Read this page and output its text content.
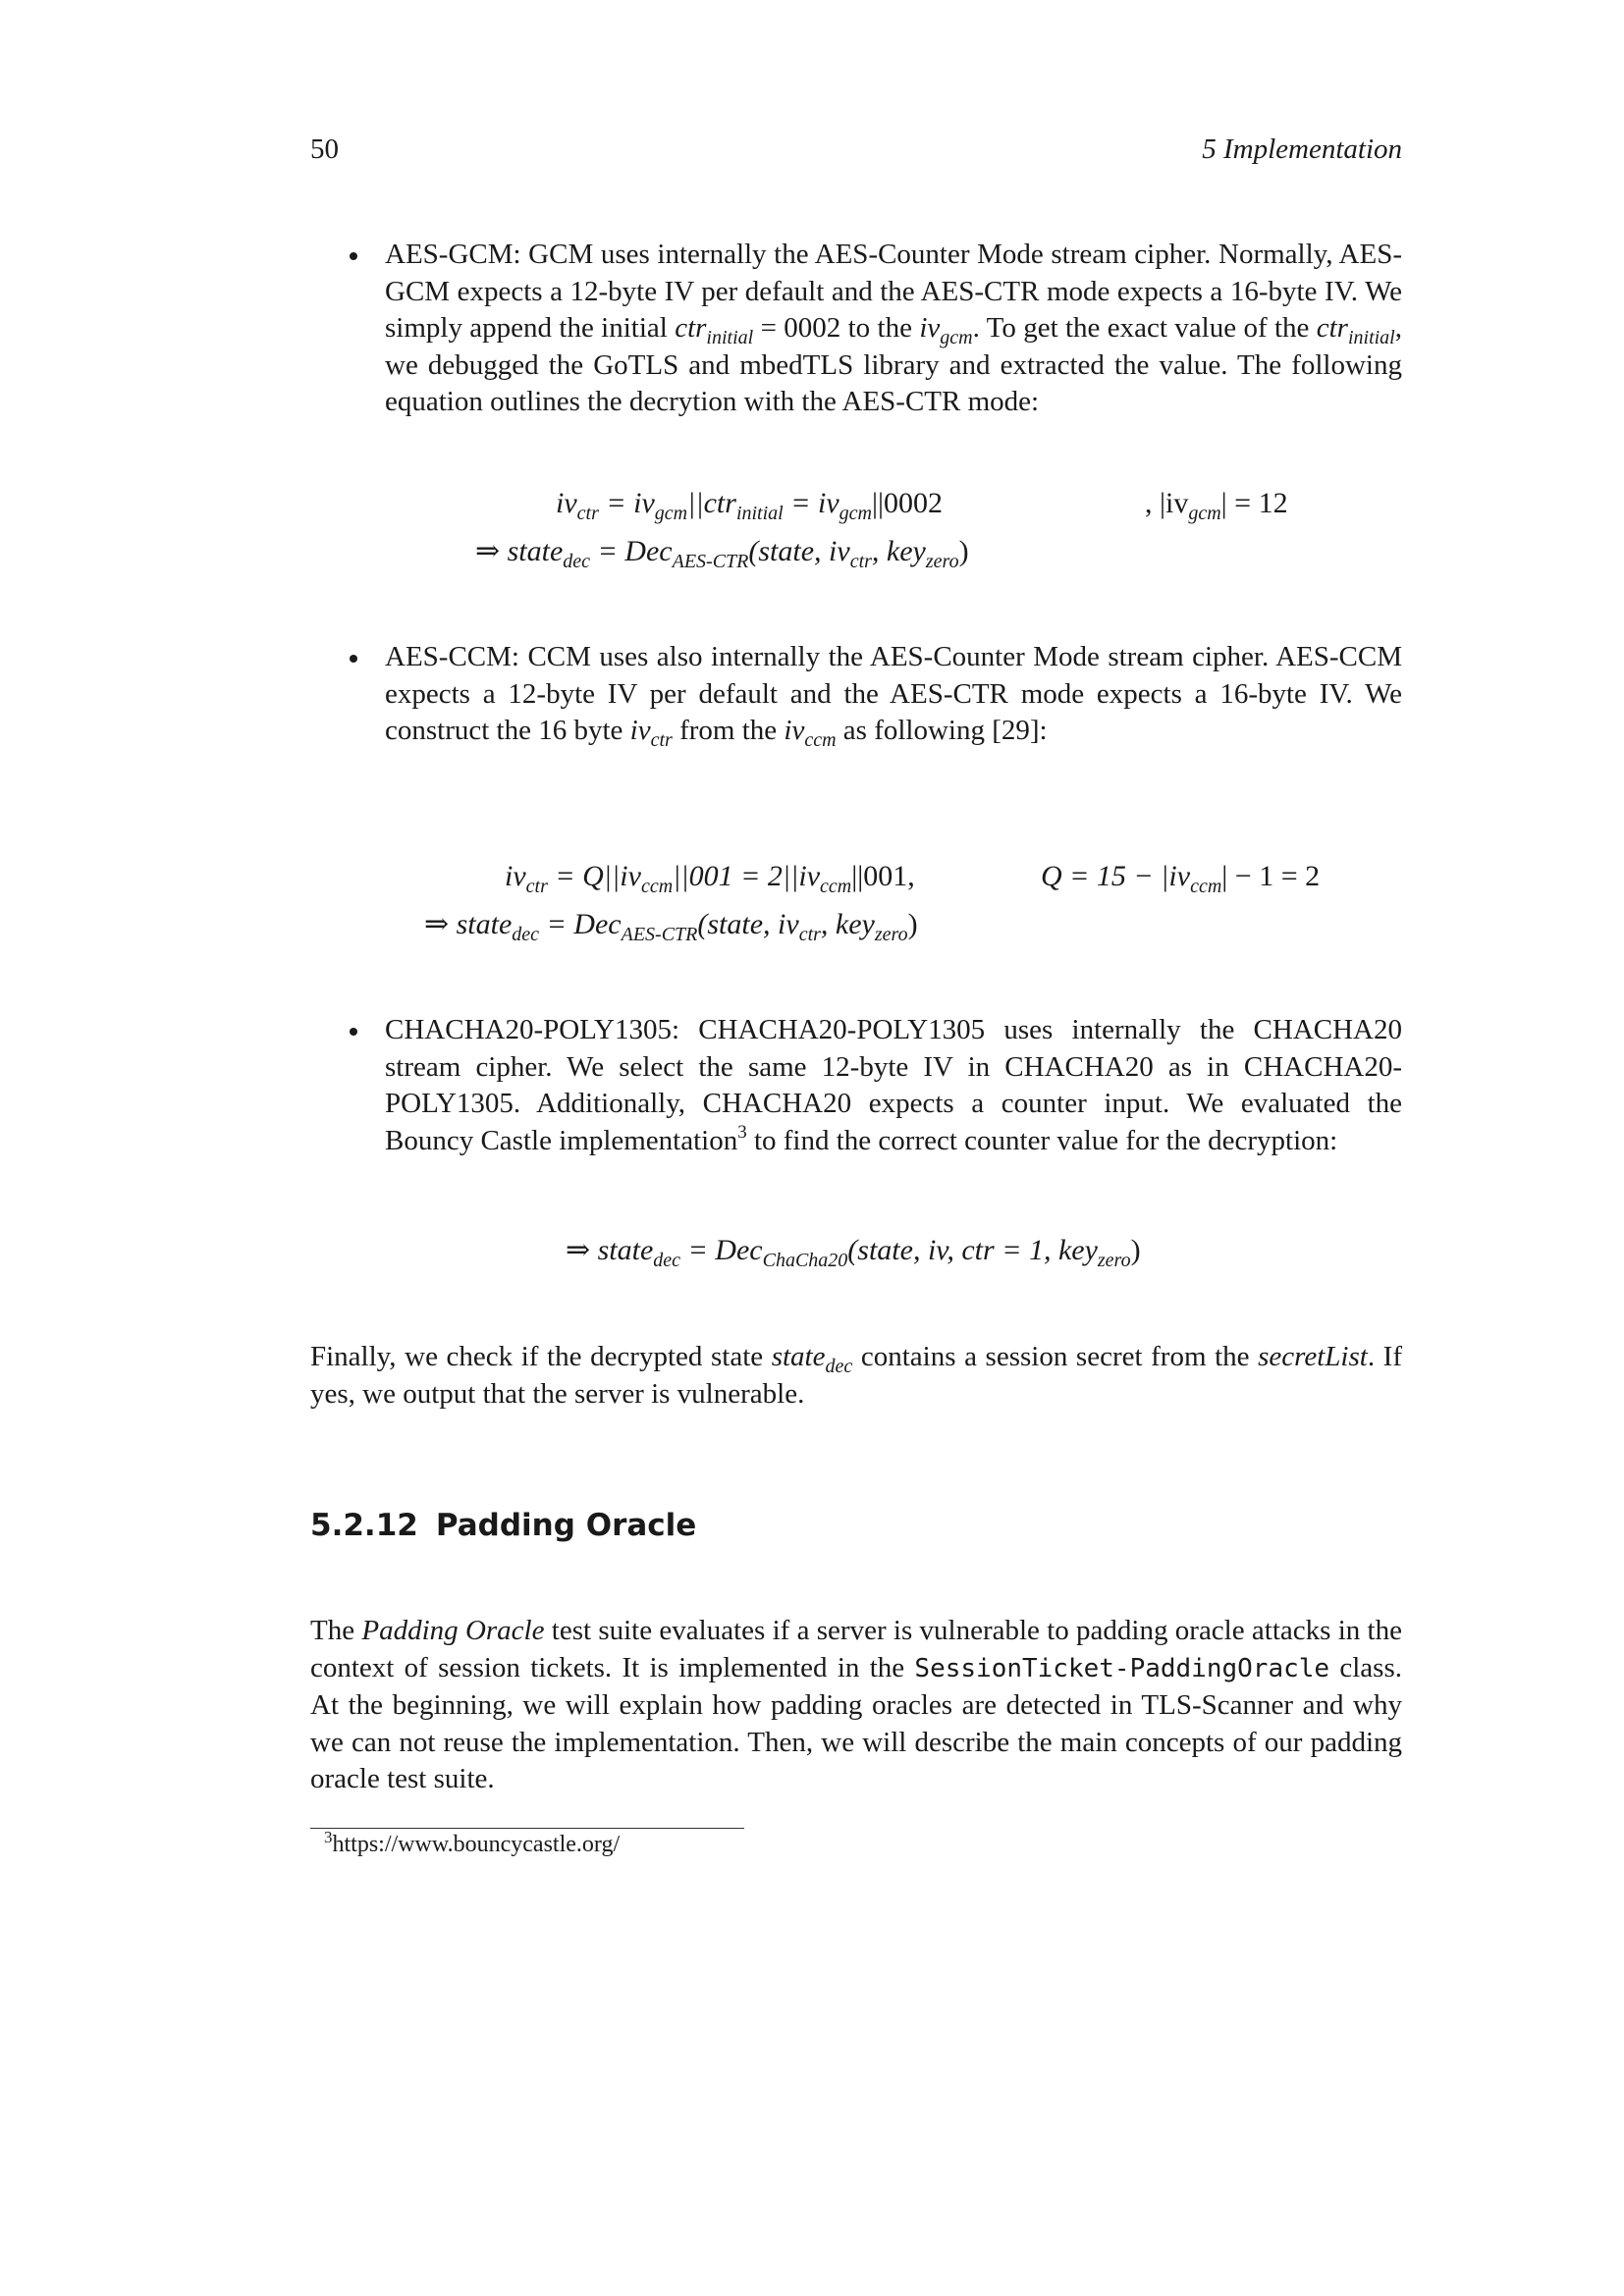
50	5 Implementation
AES-GCM: GCM uses internally the AES-Counter Mode stream cipher. Normally, AES-GCM expects a 12-byte IV per default and the AES-CTR mode expects a 16-byte IV. We simply append the initial ctr$_{initial}$ = 0002 to the $iv_{gcm}$. To get the exact value of the ctr$_{initial}$, we debugged the GoTLS and mbedTLS library and extracted the value. The following equation outlines the decrytion with the AES-CTR mode:
$iv_{ctr} = iv_{gcm}||ctr_{initial} = iv_{gcm}||0002$	, $|iv_{gcm}| = 12$
⇒ state$_{dec}$ = Dec$_{AES-CTR}$(state, $iv_{ctr}$, key$_{zero}$)
AES-CCM: CCM uses also internally the AES-Counter Mode stream cipher. AES-CCM expects a 12-byte IV per default and the AES-CTR mode expects a 16-byte IV. We construct the 16 byte $iv_{ctr}$ from the $iv_{ccm}$ as following [29]:
$iv_{ctr} = Q||iv_{ccm}||001 = 2||iv_{ccm}||001$,	$Q = 15 - |iv_{ccm}| - 1 = 2$
⇒ state$_{dec}$ = Dec$_{AES-CTR}$(state, $iv_{ctr}$, key$_{zero}$)
CHACHA20-POLY1305: CHACHA20-POLY1305 uses internally the CHACHA20 stream cipher. We select the same 12-byte IV in CHACHA20 as in CHACHA20-POLY1305. Additionally, CHACHA20 expects a counter input. We evaluated the Bouncy Castle implementation$^3$ to find the correct counter value for the decryption:
⇒ state$_{dec}$ = Dec$_{ChaCha20}$(state, iv, ctr = 1, key$_{zero}$)
Finally, we check if the decrypted state state$_{dec}$ contains a session secret from the secretList. If yes, we output that the server is vulnerable.
5.2.12 Padding Oracle
The Padding Oracle test suite evaluates if a server is vulnerable to padding oracle attacks in the context of session tickets. It is implemented in the SessionTicket-PaddingOracle class. At the beginning, we will explain how padding oracles are detected in TLS-Scanner and why we can not reuse the implementation. Then, we will describe the main concepts of our padding oracle test suite.
$^3$https://www.bouncycastle.org/
